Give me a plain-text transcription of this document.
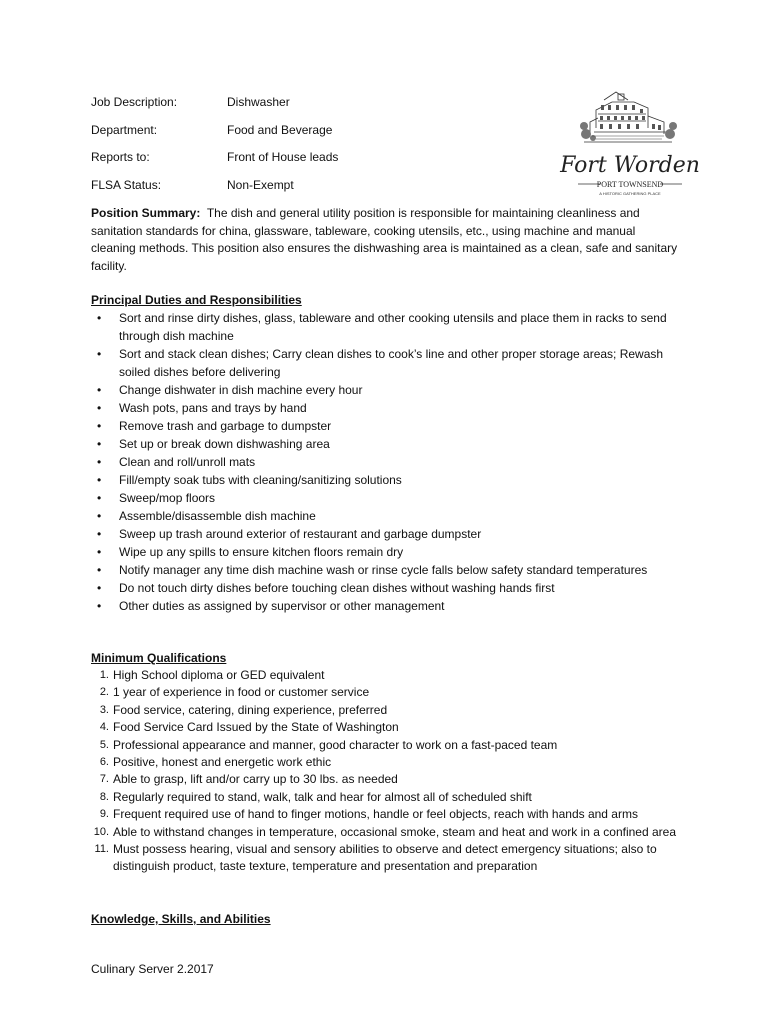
Job Description:	Dishwasher
Department:	Food and Beverage
Reports to:	Front of House leads
FLSA Status:	Non-Exempt
Fort Worden
PORT TOWNSEND
A HISTORIC GATHERING PLACE
Position Summary: The dish and general utility position is responsible for maintaining cleanliness and sanitation standards for china, glassware, tableware, cooking utensils, etc., using machine and manual cleaning methods. This position also ensures the dishwashing area is maintained as a clean, safe and sanitary facility.
Principal Duties and Responsibilities
• Sort and rinse dirty dishes, glass, tableware and other cooking utensils and place them in racks to send through dish machine
• Sort and stack clean dishes; Carry clean dishes to cook’s line and other proper storage areas; Rewash soiled dishes before delivering
• Change dishwater in dish machine every hour
• Wash pots, pans and trays by hand
• Remove trash and garbage to dumpster
• Set up or break down dishwashing area
• Clean and roll/unroll mats
• Fill/empty soak tubs with cleaning/sanitizing solutions
• Sweep/mop floors
• Assemble/disassemble dish machine
• Sweep up trash around exterior of restaurant and garbage dumpster
• Wipe up any spills to ensure kitchen floors remain dry
• Notify manager any time dish machine wash or rinse cycle falls below safety standard temperatures
• Do not touch dirty dishes before touching clean dishes without washing hands first
• Other duties as assigned by supervisor or other management
Minimum Qualifications
1. High School diploma or GED equivalent
2. 1 year of experience in food or customer service
3. Food service, catering, dining experience, preferred
4. Food Service Card Issued by the State of Washington
5. Professional appearance and manner, good character to work on a fast-paced team
6. Positive, honest and energetic work ethic
7. Able to grasp, lift and/or carry up to 30 lbs. as needed
8. Regularly required to stand, walk, talk and hear for almost all of scheduled shift
9. Frequent required use of hand to finger motions, handle or feel objects, reach with hands and arms
10. Able to withstand changes in temperature, occasional smoke, steam and heat and work in a confined area
11. Must possess hearing, visual and sensory abilities to observe and detect emergency situations; also to distinguish product, taste texture, temperature and presentation and preparation
Knowledge, Skills, and Abilities
Culinary Server 2.2017
